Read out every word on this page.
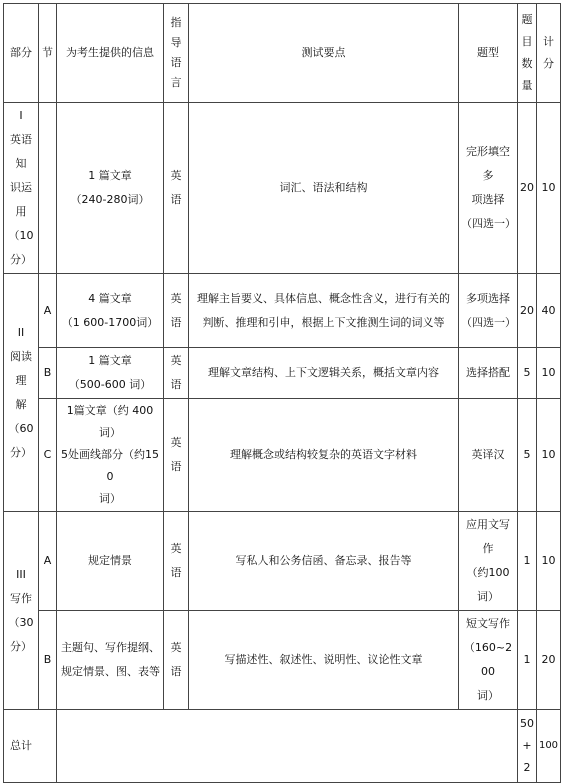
部分	节	为考生提供的信息	指导语言	测试要点	题型	题目数量	计分

I
英语知
识运用
（10
分）		1 篇文章
（240-280词）	英语	词汇、语法和结构	完形填空多
项选择
（四选一）	20	10

II
阅读理
解
（60
分）	A	4 篇文章
（1 600-1700词）	英语	理解主旨要义、具体信息、概念性含义，进行有关的
判断、推理和引申，根据上下文推测生词的词义等	多项选择
（四选一）	20	40
	B	1 篇文章
（500-600 词）	英语	理解文章结构、上下文逻辑关系，概括文章内容	选择搭配	5	10
	C	1篇文章（约 400
词）
5处画线部分（约150
词）	英语	理解概念或结构较复杂的英语文字材料	英译汉	5	10

III
写作
（30
分）	A	规定情景	英语	写私人和公务信函、备忘录、报告等	应用文写作
（约100
词）	1	10
	B	主题句、写作提纲、
规定情景、图、表等	英语	写描述性、叙述性、说明性、议论性文章	短文写作
（160~200
词）	1	20
总计						50
+
2	100
